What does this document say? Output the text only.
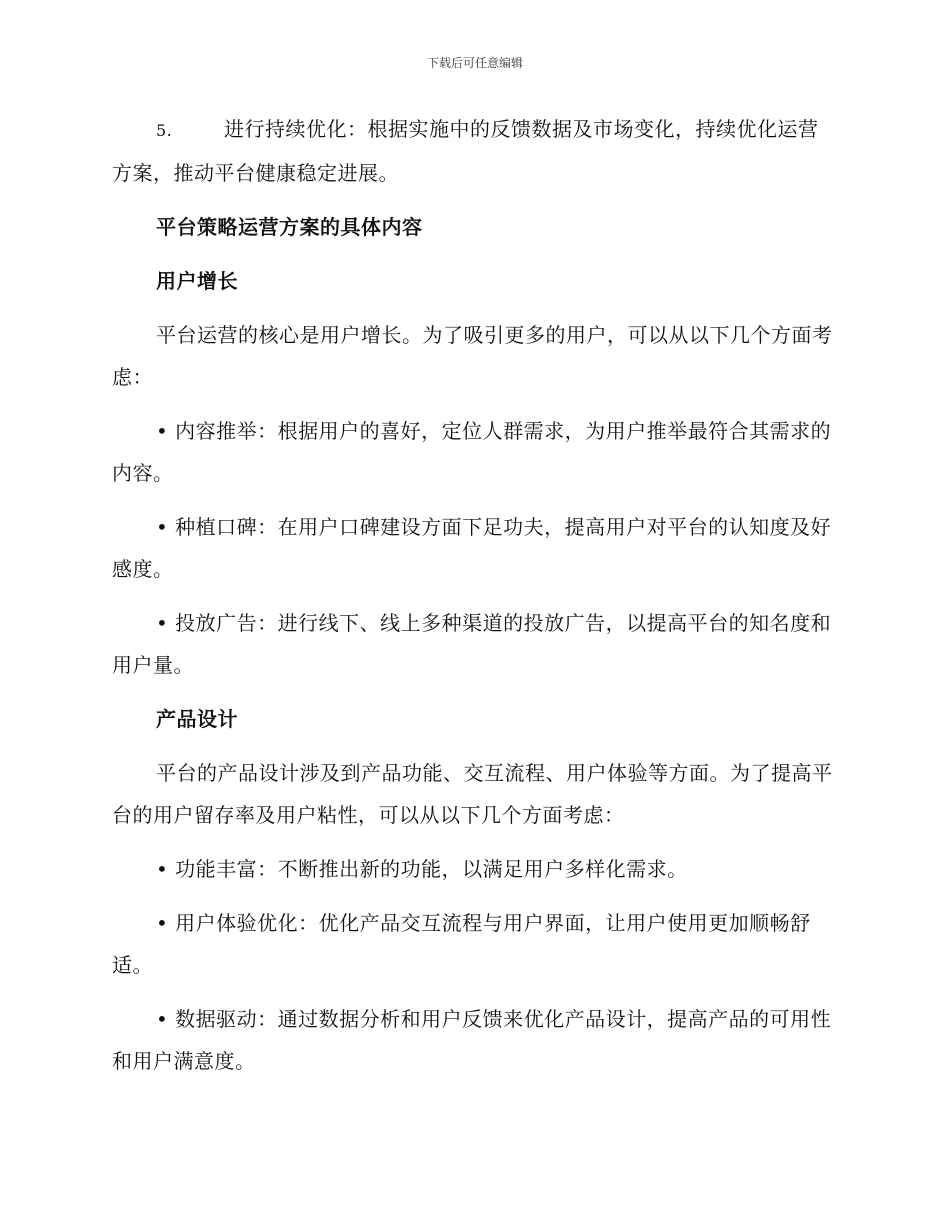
下载后可任意编辑

5.	进行持续优化：根据实施中的反馈数据及市场变化，持续优化运营方案，推动平台健康稳定进展。

平台策略运营方案的具体内容

用户增长

平台运营的核心是用户增长。为了吸引更多的用户，可以从以下几个方面考虑：

• 内容推举：根据用户的喜好，定位人群需求，为用户推举最符合其需求的内容。

• 种植口碑：在用户口碑建设方面下足功夫，提高用户对平台的认知度及好感度。

• 投放广告：进行线下、线上多种渠道的投放广告，以提高平台的知名度和用户量。

产品设计

平台的产品设计涉及到产品功能、交互流程、用户体验等方面。为了提高平台的用户留存率及用户粘性，可以从以下几个方面考虑：

• 功能丰富：不断推出新的功能，以满足用户多样化需求。

• 用户体验优化：优化产品交互流程与用户界面，让用户使用更加顺畅舒适。

• 数据驱动：通过数据分析和用户反馈来优化产品设计，提高产品的可用性和用户满意度。
